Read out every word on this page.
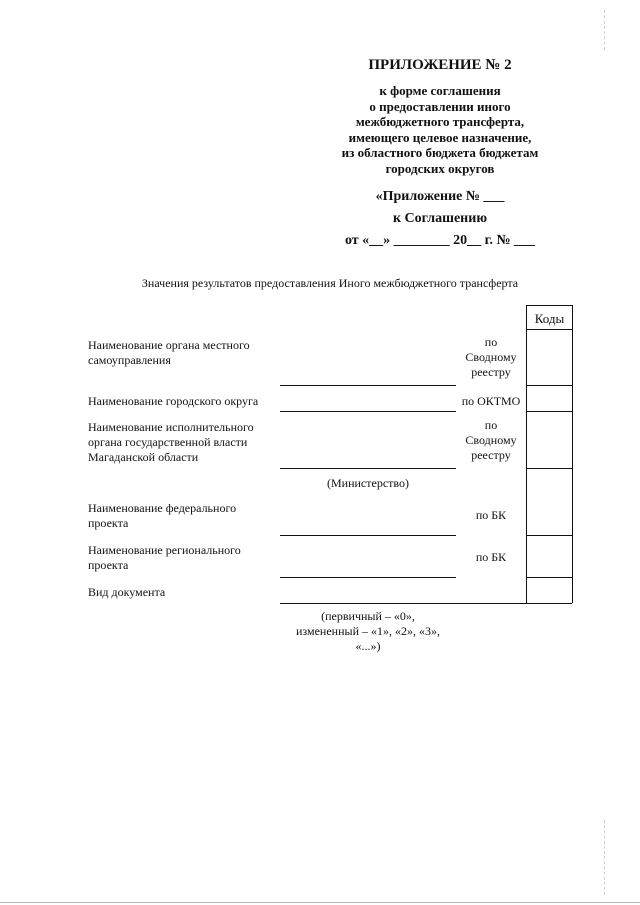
ПРИЛОЖЕНИЕ № 2
к форме соглашения
о предоставлении иного
межбюджетного трансферта,
имеющего целевое назначение,
из областного бюджета бюджетам
городских округов
«Приложение № ___
к Соглашению
от «__» ________ 20__ г. № ___
Значения результатов предоставления Иного межбюджетного трансферта
Коды
Наименование органа местного
самоуправления
по
Сводному
реестру
Наименование городского округа	по ОКТМО
Наименование исполнительного
органа государственной власти
Магаданской области
по
Сводному
реестру
(Министерство)
Наименование федерального
проекта
по БК
Наименование регионального
проекта
по БК
Вид документа
(первичный – «0»,
измененный – «1», «2», «3»,
«...»)
